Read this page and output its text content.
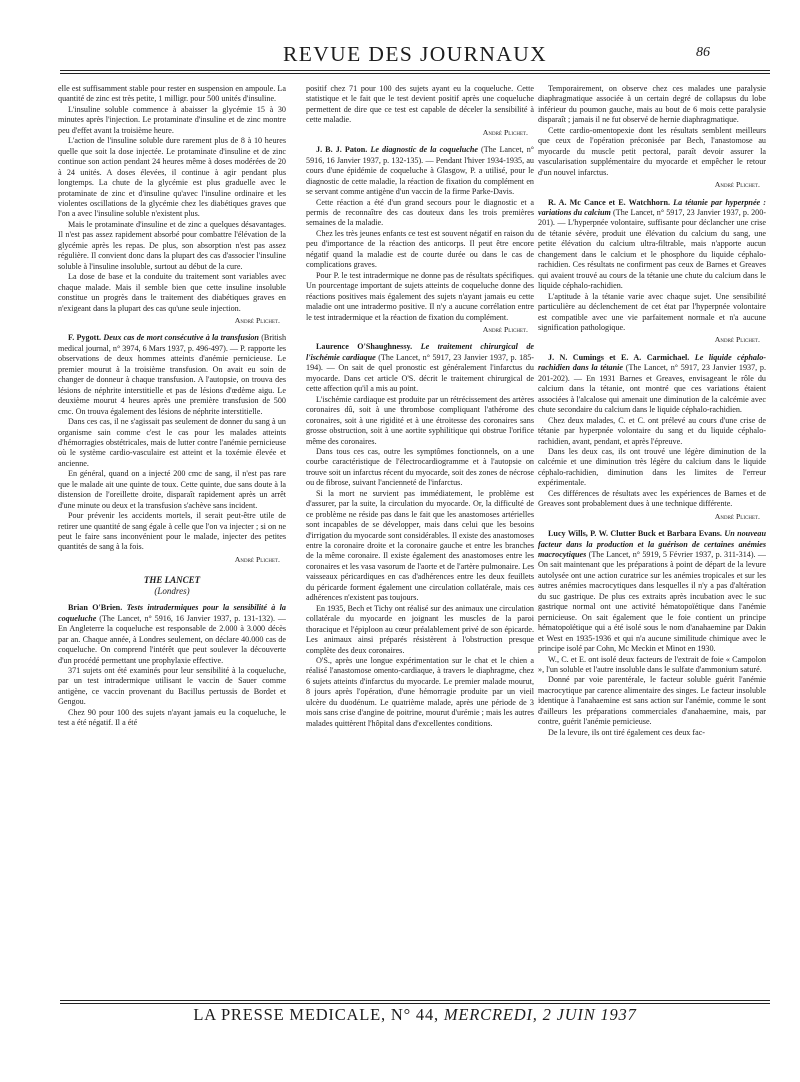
REVUE DES JOURNAUX	86

elle est suffisamment stable pour rester en suspension en ampoule. La quantité de zinc est très petite, 1 milligr. pour 500 unités d'insuline.

L'insuline soluble commence à abaisser la glycémie 15 à 30 minutes après l'injection. Le protaminate d'insuline et de zinc montre peu d'effet avant la troisième heure.

L'action de l'insuline soluble dure rarement plus de 8 à 10 heures quelle que soit la dose injectée. Le protaminate d'insuline et de zinc continue son action pendant 24 heures même à doses modérées de 20 à 24 unités. A doses élevées, il continue à agir pendant plus longtemps. La chute de la glycémie est plus graduelle avec le protaminate de zinc et d'insuline qu'avec l'insuline ordinaire et les violentes oscillations de la glycémie chez les diabétiques graves que l'on a avec l'insuline soluble n'existent plus.

Mais le protaminate d'insuline et de zinc a quelques désavantages. Il n'est pas assez rapidement absorbé pour combattre l'élévation de la glycémie après les repas. De plus, son absorption n'est pas assez régulière. Il convient donc dans la plupart des cas d'associer l'insuline soluble à l'insuline insoluble, surtout au début de la cure.

La dose de base et la conduite du traitement sont variables avec chaque malade. Mais il semble bien que cette insuline insoluble constitue un progrès dans le traitement des diabétiques graves en n'exigeant dans la plupart des cas qu'une seule injection.

André Plichet.

F. Pygott. Deux cas de mort consécutive à la transfusion (British medical journal, n° 3974, 6 Mars 1937, p. 496-497). — P. rapporte les observations de deux hommes atteints d'anémie pernicieuse. Le premier mourut à la troisième transfusion. On avait eu soin de changer de donneur à chaque transfusion. A l'autopsie, on trouva des lésions de néphrite interstitielle et pas de lésions d'œdème aigu. Le deuxième mourut 4 heures après une première transfusion de 500 cmc. On trouva également des lésions de néphrite interstitielle.

Dans ces cas, il ne s'agissait pas seulement de donner du sang à un organisme sain comme c'est le cas pour les malades atteints d'hémorragies obstétricales, mais de lutter contre l'anémie pernicieuse où le système cardio-vasculaire est atteint et la toxémie élevée et ancienne.

En général, quand on a injecté 200 cmc de sang, il n'est pas rare que le malade ait une quinte de toux. Cette quinte, due sans doute à la distension de l'oreillette droite, disparaît rapidement après un arrêt d'une minute ou deux et la transfusion s'achève sans incident.

Pour prévenir les accidents mortels, il serait peut-être utile de retirer une quantité de sang égale à celle que l'on va injecter ; si on ne peut le faire sans inconvénient pour le malade, injecter des petites quantités de sang à la fois.

André Plichet.
THE LANCET
(Londres)

Brian O'Brien. Tests intradermiques pour la sensibilité à la coqueluche (The Lancet, n° 5916, 16 Janvier 1937, p. 131-132). — En Angleterre la coqueluche est responsable de 2.000 à 3.000 décès par an. Chaque année, à Londres seulement, on déclare 40.000 cas de coqueluche. On comprend l'intérêt que peut soulever la découverte d'un procédé permettant une prophylaxie effective.

371 sujets ont été examinés pour leur sensibilité à la coqueluche, par un test intradermique utilisant le vaccin de Sauer comme antigène, ce vaccin provenant du Bacillus pertussis de Bordet et Gengou.

Chez 90 pour 100 des sujets n'ayant jamais eu la coqueluche, le test a été négatif. Il a été

positif chez 71 pour 100 des sujets ayant eu la coqueluche. Cette statistique et le fait que le test devient positif après une coqueluche permettent de dire que ce test est capable de déceler la sensibilité à cette maladie.

André Plichet.

J. B. J. Paton. Le diagnostic de la coqueluche (The Lancet, n° 5916, 16 Janvier 1937, p. 132-135). — Pendant l'hiver 1934-1935, au cours d'une épidémie de coqueluche à Glasgow, P. a utilisé, pour le diagnostic de cette maladie, la réaction de fixation du complément en se servant comme antigène d'un vaccin de la firme Parke-Davis.

Cette réaction a été d'un grand secours pour le diagnostic et a permis de reconnaître des cas douteux dans les trois premières semaines de la maladie.

Chez les très jeunes enfants ce test est souvent négatif en raison du peu d'importance de la réaction des anticorps. Il peut être encore négatif quand la maladie est de courte durée ou dans le cas de complications graves.

Pour P. le test intradermique ne donne pas de résultats spécifiques. Un pourcentage important de sujets atteints de coqueluche donne des réactions positives mais également des sujets n'ayant jamais eu cette maladie ont une intradermo positive. Il n'y a aucune corrélation entre le test intradermique et la réaction de fixation du complément.

André Plichet.

Laurence O'Shaughnessy. Le traitement chirurgical de l'ischémie cardiaque (The Lancet, n° 5917, 23 Janvier 1937, p. 185-194). — On sait de quel pronostic est généralement l'infarctus du myocarde. Dans cet article O'S. décrit le traitement chirurgical de cette affection qu'il a mis au point.

L'ischémie cardiaque est produite par un rétrécissement des artères coronaires dû, soit à une thrombose compliquant l'athérome des coronaires, soit à une rigidité et à une étroitesse des coronaires sans grosse obstruction, soit à une aortite syphilitique qui obstrue l'orifice même des coronaires.

Dans tous ces cas, outre les symptômes fonctionnels, on a une courbe caractéristique de l'électrocardiogramme et à l'autopsie on trouve soit un infarctus récent du myocarde, soit des zones de nécrose ou de fibrose, suivant l'ancienneté de l'infarctus.

Si la mort ne survient pas immédiatement, le problème est d'assurer, par la suite, la circulation du myocarde. Or, la difficulté de ce problème ne réside pas dans le fait que les anastomoses artérielles sont incapables de se développer, mais dans celui que les besoins d'irrigation du myocarde sont considérables. Il existe des anastomoses entre la coronaire droite et la coronaire gauche et entre les branches de la même coronaire. Il existe également des anastomoses entre les coronaires et les vasa vasorum de l'aorte et de l'artère pulmonaire. Les vaisseaux péricardiques en cas d'adhérences entre les deux feuillets du péricarde forment également une circulation collatérale, mais ces adhérences n'existent pas toujours.

En 1935, Bech et Tichy ont réalisé sur des animaux une circulation collatérale du myocarde en joignant les muscles de la paroi thoracique et l'épiploon au cœur préalablement privé de son épicarde. Les animaux ainsi préparés résistèrent à l'obstruction presque complète des deux coronaires.

O'S., après une longue expérimentation sur le chat et le chien a réalisé l'anastomose omento-cardiaque, à travers le diaphragme, chez 6 sujets atteints d'infarctus du myocarde. Le premier malade mourut, 8 jours après l'opération, d'une hémorragie produite par un vieil ulcère du duodénum. Le quatrième malade, après une période de 3 mois sans crise d'angine de poitrine, mourut d'urémie ; mais les autres malades quittèrent l'hôpital dans d'excellentes conditions.

Temporairement, on observe chez ces malades une paralysie diaphragmatique associée à un certain degré de collapsus du lobe inférieur du poumon gauche, mais au bout de 6 mois cette paralysie disparaît ; jamais il ne fut observé de hernie diaphragmatique.

Cette cardio-omentopexie dont les résultats semblent meilleurs que ceux de l'opération préconisée par Bech, l'anastomose au myocarde du muscle petit pectoral, paraît devoir assurer la vascularisation supplémentaire du myocarde et empêcher le retour d'un nouvel infarctus.

André Plichet.

R. A. Mc Cance et E. Watchhorn. La tétanie par hyperpnée : variations du calcium (The Lancet, n° 5917, 23 Janvier 1937, p. 200-201). — L'hyperpnée volontaire, suffisante pour déclancher une crise de tétanie sévère, produit une élévation du calcium du sang, une petite élévation du calcium ultra-filtrable, mais n'apporte aucun changement dans le calcium et le phosphore du liquide céphalo-rachidien. Ces résultats ne confirment pas ceux de Barnes et Greaves qui avaient trouvé au cours de la tétanie une chute du calcium dans le liquide céphalo-rachidien.

L'aptitude à la tétanie varie avec chaque sujet. Une sensibilité particulière au déclenchement de cet état par l'hyperpnée volontaire est compatible avec une vie parfaitement normale et n'a aucune signification pathologique.

André Plichet.

J. N. Cumings et E. A. Carmichael. Le liquide céphalo-rachidien dans la tétanie (The Lancet, n° 5917, 23 Janvier 1937, p. 201-202). — En 1931 Barnes et Greaves, envisageant le rôle du calcium dans la tétanie, ont montré que ces variations étaient associées à l'alcalose qui amenait une diminution de la calcémie avec chute secondaire du calcium dans le liquide céphalo-rachidien.

Chez deux malades, C. et C. ont prélevé au cours d'une crise de tétanie par hyperpnée volontaire du sang et du liquide céphalo-rachidien, avant, pendant, et après l'épreuve.

Dans les deux cas, ils ont trouvé une légère diminution de la calcémie et une diminution très légère du calcium dans le liquide céphalo-rachidien, diminution dans les limites de l'erreur expérimentale.

Ces différences de résultats avec les expériences de Barnes et de Greaves sont probablement dues à une technique différente.

André Plichet.

Lucy Wills, P. W. Clutter Buck et Barbara Evans. Un nouveau facteur dans la production et la guérison de certaines anémies macrocytiques (The Lancet, n° 5919, 5 Février 1937, p. 311-314). — On sait maintenant que les préparations à point de départ de la levure autolysée ont une action curatrice sur les anémies tropicales et sur les autres anémies macrocytiques dans lesquelles il n'y a pas d'altération du suc gastrique. De plus ces extraits après incubation avec le suc gastrique normal ont une activité hématopoïétique dans l'anémie pernicieuse. On sait également que le foie contient un principe hématopoïétique qui a été isolé sous le nom d'anahaemine par Dakin et West en 1935-1936 et qui n'a aucune similitude chimique avec le principe isolé par Cohn, Mc Meckin et Minot en 1930.

W., C. et E. ont isolé deux facteurs de l'extrait de foie « Campolon », l'un soluble et l'autre insoluble dans le sulfate d'ammonium saturé.

Donné par voie parentérale, le facteur soluble guérit l'anémie macrocytique par carence alimentaire des singes. Le facteur insoluble identique à l'anahaemine est sans action sur l'anémie, comme le sont d'ailleurs les préparations commerciales d'anahaemine, mais, par contre, guérit l'anémie pernicieuse.

De la levure, ils ont tiré également ces deux fac-

LA PRESSE MEDICALE, N° 44, MERCREDI, 2 JUIN 1937
